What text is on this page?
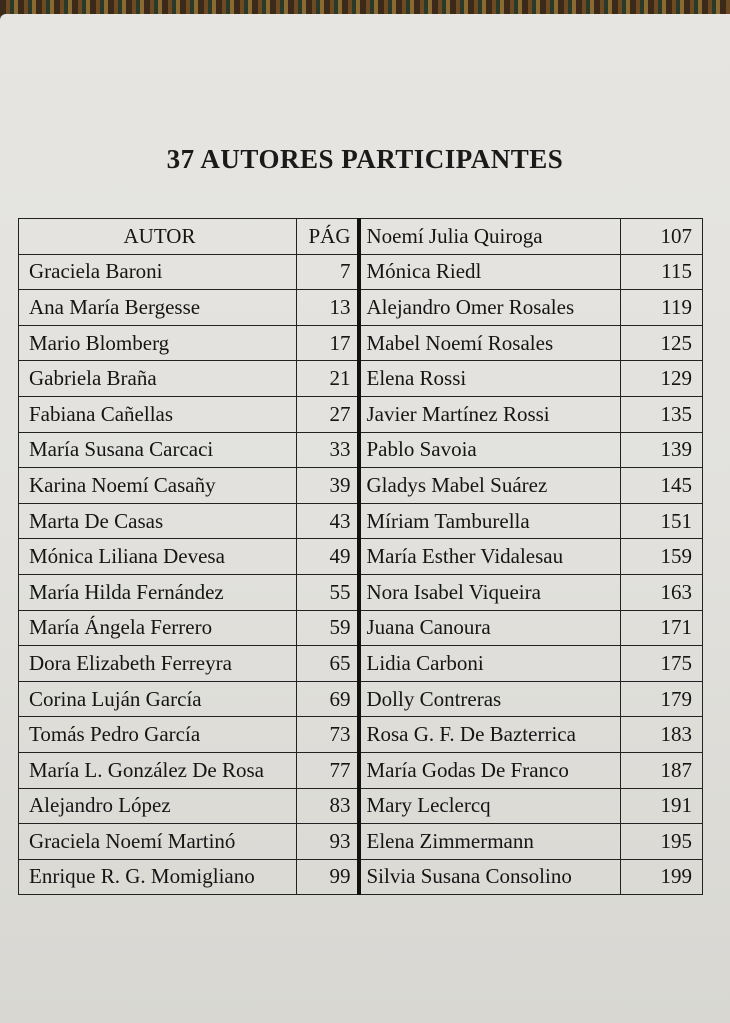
37 AUTORES PARTICIPANTES
AUTOR	PÁG	Noemí Julia Quiroga	107
Graciela Baroni	7	Mónica Riedl	115
Ana María Bergesse	13	Alejandro Omer Rosales	119
Mario Blomberg	17	Mabel Noemí Rosales	125
Gabriela Braña	21	Elena Rossi	129
Fabiana Cañellas	27	Javier Martínez Rossi	135
María Susana Carcaci	33	Pablo Savoia	139
Karina Noemí Casañy	39	Gladys Mabel Suárez	145
Marta De Casas	43	Míriam Tamburella	151
Mónica Liliana Devesa	49	María Esther Vidalesau	159
María Hilda Fernández	55	Nora Isabel Viqueira	163
María Ángela Ferrero	59	Juana Canoura	171
Dora Elizabeth Ferreyra	65	Lidia Carboni	175
Corina Luján García	69	Dolly Contreras	179
Tomás Pedro García	73	Rosa G. F. De Bazterrica	183
María L. González De Rosa	77	María Godas De Franco	187
Alejandro López	83	Mary Leclercq	191
Graciela Noemí Martinó	93	Elena Zimmermann	195
Enrique R. G. Momigliano	99	Silvia Susana Consolino	199
